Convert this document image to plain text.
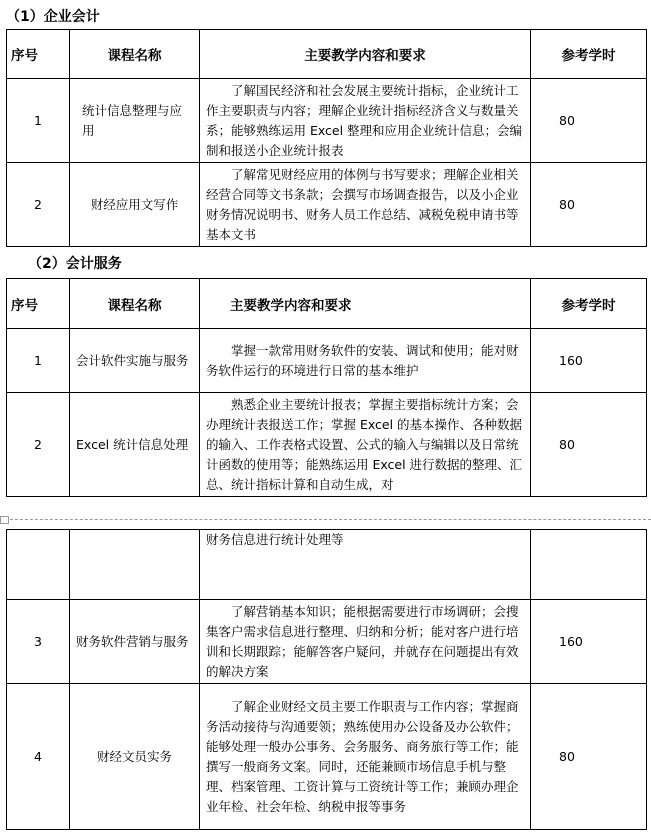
（1）企业会计
序号	课程名称	主要教学内容和要求	参考学时
1	统计信息整理与应用	了解国民经济和社会发展主要统计指标，企业统计工作主要职责与内容；理解企业统计指标经济含义与数量关系；能够熟练运用 Excel 整理和应用企业统计信息；会编制和报送小企业统计报表	80
2	财经应用文写作	了解常见财经应用的体例与书写要求；理解企业相关经营合同等文书条款；会撰写市场调查报告，以及小企业财务情况说明书、财务人员工作总结、减税免税申请书等基本文书	80
（2）会计服务
序号	课程名称	主要教学内容和要求	参考学时
1	会计软件实施与服务	掌握一款常用财务软件的安装、调试和使用；能对财务软件运行的环境进行日常的基本维护	160
2	Excel 统计信息处理	熟悉企业主要统计报表；掌握主要指标统计方案；会办理统计表报送工作；掌握 Excel 的基本操作、各种数据的输入、工作表格式设置、公式的输入与编辑以及日常统计函数的使用等；能熟练运用 Excel 进行数据的整理、汇总、统计指标计算和自动生成，对	80
		财务信息进行统计处理等	
3	财务软件营销与服务	了解营销基本知识；能根据需要进行市场调研；会搜集客户需求信息进行整理、归纳和分析；能对客户进行培训和长期跟踪；能解答客户疑问，并就存在问题提出有效的解决方案	160
4	财经文员实务	了解企业财经文员主要工作职责与工作内容；掌握商务活动接待与沟通要领；熟练使用办公设备及办公软件；能够处理一般办公事务、会务服务、商务旅行等工作；能撰写一般商务文案。同时，还能兼顾市场信息手机与整理、档案管理、工资计算与工资统计等工作；兼顾办理企业年检、社会年检、纳税申报等事务	80
